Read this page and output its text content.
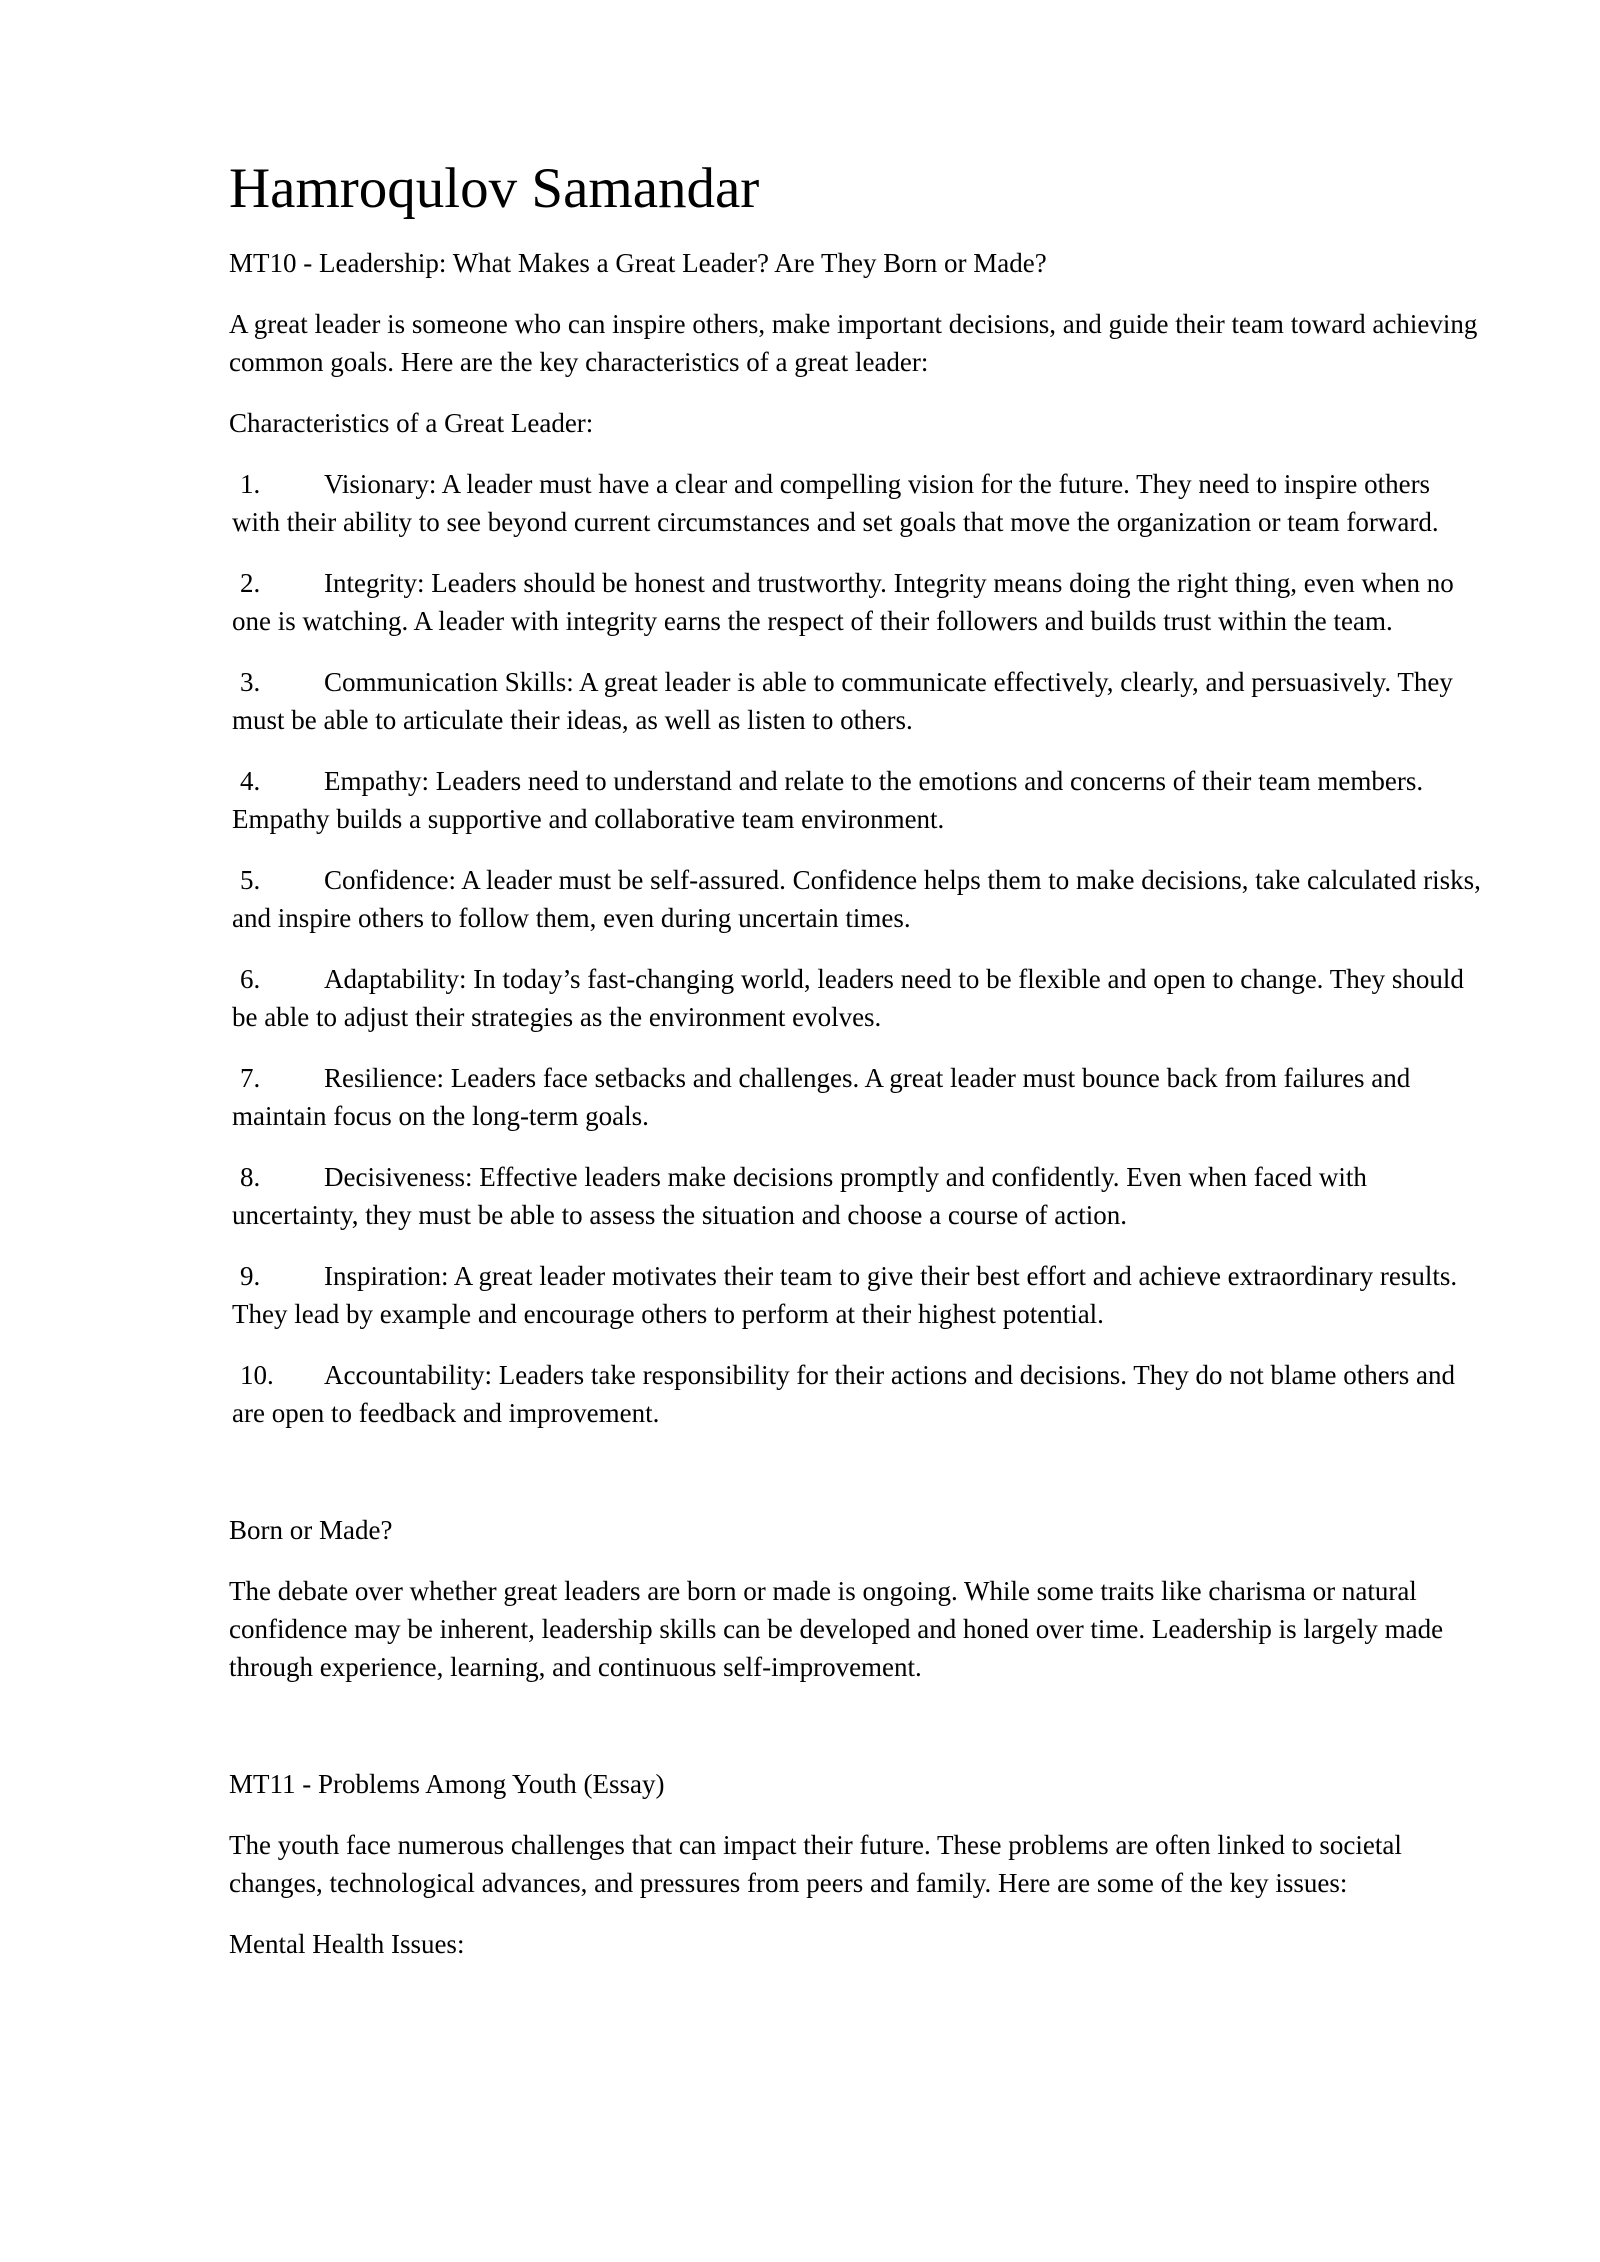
Hamroqulov Samandar

MT10 - Leadership: What Makes a Great Leader? Are They Born or Made?

A great leader is someone who can inspire others, make important decisions, and guide their team toward achieving common goals. Here are the key characteristics of a great leader:

Characteristics of a Great Leader:

1. Visionary: A leader must have a clear and compelling vision for the future. They need to inspire others with their ability to see beyond current circumstances and set goals that move the organization or team forward.

2. Integrity: Leaders should be honest and trustworthy. Integrity means doing the right thing, even when no one is watching. A leader with integrity earns the respect of their followers and builds trust within the team.

3. Communication Skills: A great leader is able to communicate effectively, clearly, and persuasively. They must be able to articulate their ideas, as well as listen to others.

4. Empathy: Leaders need to understand and relate to the emotions and concerns of their team members. Empathy builds a supportive and collaborative team environment.

5. Confidence: A leader must be self-assured. Confidence helps them to make decisions, take calculated risks, and inspire others to follow them, even during uncertain times.

6. Adaptability: In today’s fast-changing world, leaders need to be flexible and open to change. They should be able to adjust their strategies as the environment evolves.

7. Resilience: Leaders face setbacks and challenges. A great leader must bounce back from failures and maintain focus on the long-term goals.

8. Decisiveness: Effective leaders make decisions promptly and confidently. Even when faced with uncertainty, they must be able to assess the situation and choose a course of action.

9. Inspiration: A great leader motivates their team to give their best effort and achieve extraordinary results. They lead by example and encourage others to perform at their highest potential.

10. Accountability: Leaders take responsibility for their actions and decisions. They do not blame others and are open to feedback and improvement.

Born or Made?

The debate over whether great leaders are born or made is ongoing. While some traits like charisma or natural confidence may be inherent, leadership skills can be developed and honed over time. Leadership is largely made through experience, learning, and continuous self-improvement.

MT11 - Problems Among Youth (Essay)

The youth face numerous challenges that can impact their future. These problems are often linked to societal changes, technological advances, and pressures from peers and family. Here are some of the key issues:

Mental Health Issues:
